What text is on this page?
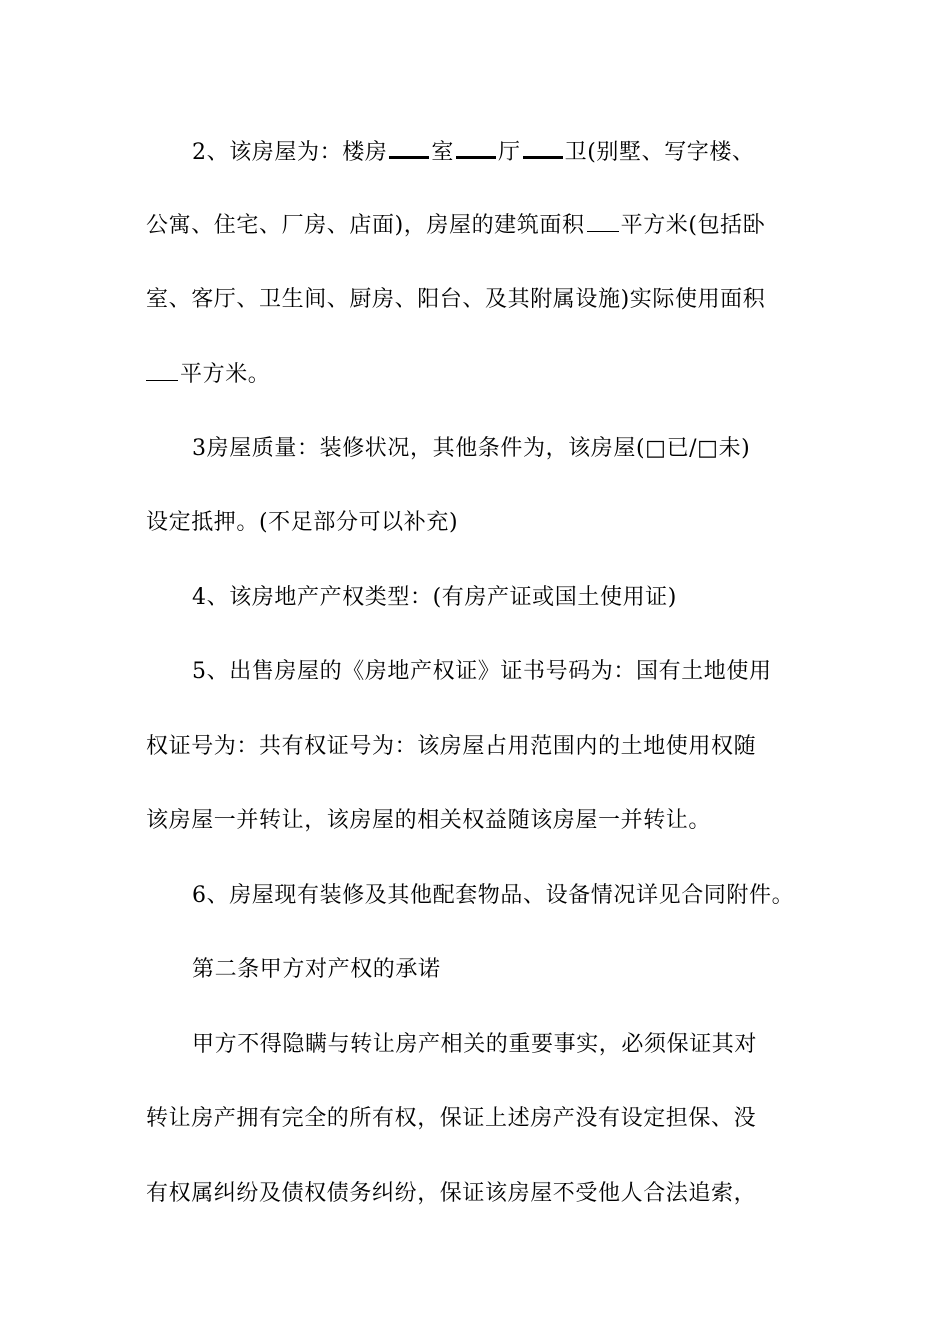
2、该房屋为：楼房 室 厅 卫(别墅、写字楼、
公寓、住宅、厂房、店面)，房屋的建筑面积 平方米(包括卧
室、客厅、卫生间、厨房、阳台、及其附属设施)实际使用面积
平方米。
3房屋质量：装修状况，其他条件为，该房屋(□已/□未)
设定抵押。(不足部分可以补充)
4、该房地产产权类型：(有房产证或国土使用证)
5、出售房屋的《房地产权证》证书号码为：国有土地使用
权证号为：共有权证号为：该房屋占用范围内的土地使用权随
该房屋一并转让，该房屋的相关权益随该房屋一并转让。
6、房屋现有装修及其他配套物品、设备情况详见合同附件。
第二条甲方对产权的承诺
甲方不得隐瞒与转让房产相关的重要事实，必须保证其对
转让房产拥有完全的所有权，保证上述房产没有设定担保、没
有权属纠纷及债权债务纠纷，保证该房屋不受他人合法追索，
